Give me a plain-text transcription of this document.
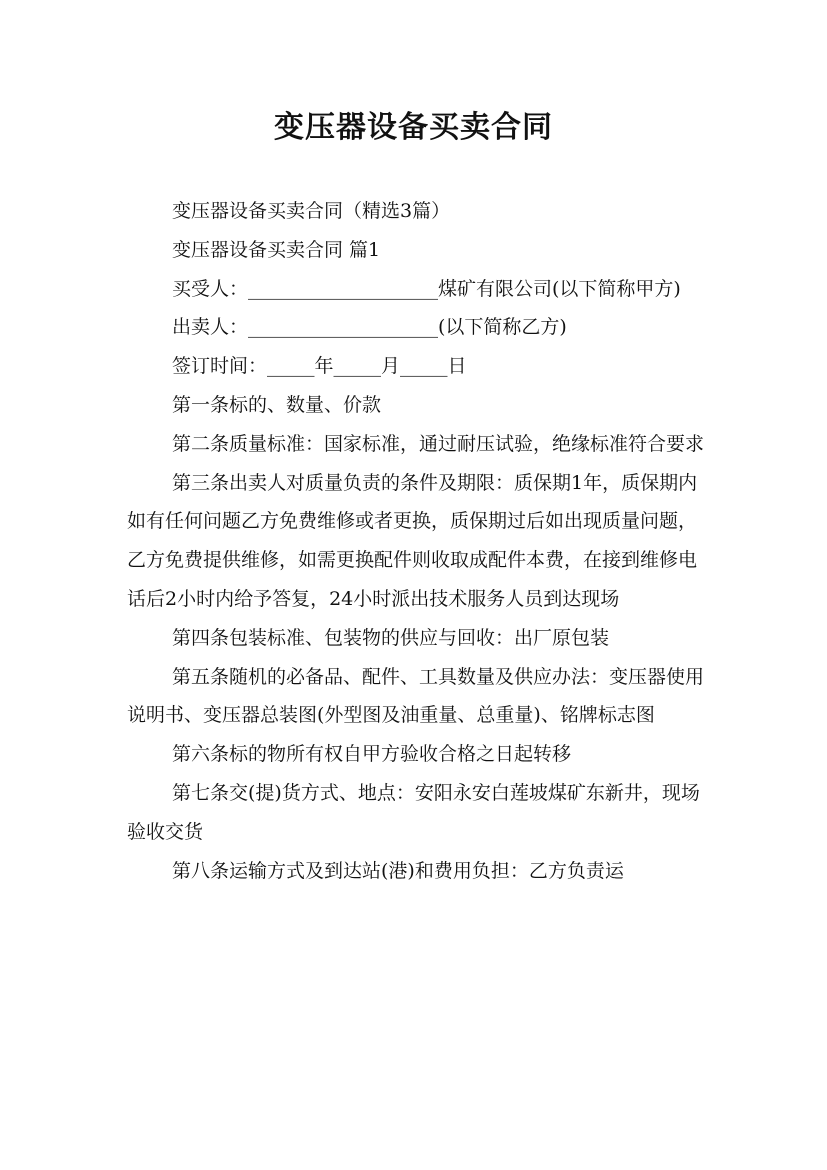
变压器设备买卖合同

变压器设备买卖合同（精选3篇）

变压器设备买卖合同 篇1

买受人：____________________煤矿有限公司(以下简称甲方)

出卖人：____________________(以下简称乙方)

签订时间：_____年_____月_____日

第一条标的、数量、价款

第二条质量标准：国家标准，通过耐压试验，绝缘标准符合要求

第三条出卖人对质量负责的条件及期限：质保期1年，质保期内如有任何问题乙方免费维修或者更换，质保期过后如出现质量问题，乙方免费提供维修，如需更换配件则收取成配件本费，在接到维修电话后2小时内给予答复，24小时派出技术服务人员到达现场

第四条包装标准、包装物的供应与回收：出厂原包装

第五条随机的必备品、配件、工具数量及供应办法：变压器使用说明书、变压器总装图(外型图及油重量、总重量)、铭牌标志图

第六条标的物所有权自甲方验收合格之日起转移

第七条交(提)货方式、地点：安阳永安白莲坡煤矿东新井，现场验收交货

第八条运输方式及到达站(港)和费用负担：乙方负责运
